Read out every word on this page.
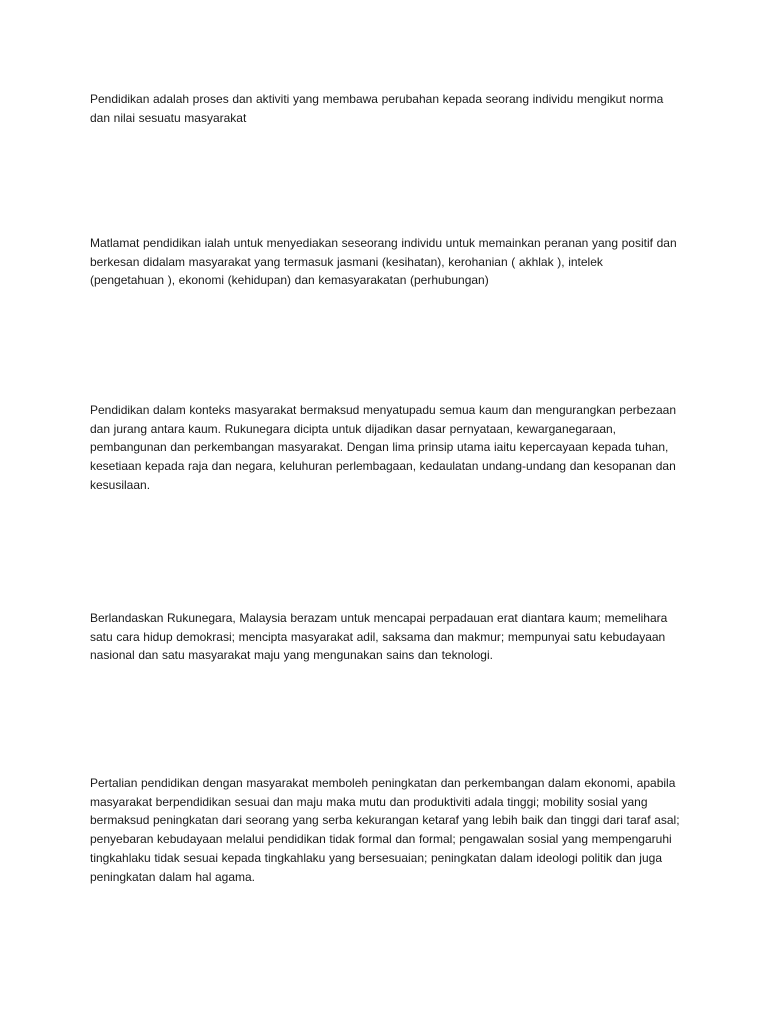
Pendidikan adalah proses dan aktiviti yang membawa perubahan kepada seorang individu mengikut norma dan nilai sesuatu masyarakat

Matlamat pendidikan ialah untuk menyediakan seseorang individu untuk memainkan peranan yang positif dan berkesan didalam masyarakat yang termasuk jasmani (kesihatan), kerohanian ( akhlak ), intelek (pengetahuan ), ekonomi (kehidupan) dan kemasyarakatan (perhubungan)

Pendidikan dalam konteks masyarakat bermaksud menyatupadu semua kaum dan mengurangkan perbezaan dan jurang antara kaum. Rukunegara dicipta untuk dijadikan dasar pernyataan, kewarganegaraan, pembangunan dan perkembangan masyarakat. Dengan lima prinsip utama iaitu kepercayaan kepada tuhan, kesetiaan kepada raja dan negara, keluhuran perlembagaan, kedaulatan undang-undang dan kesopanan dan kesusilaan.

Berlandaskan Rukunegara, Malaysia berazam untuk mencapai perpadauan erat diantara kaum; memelihara satu cara hidup demokrasi; mencipta masyarakat adil, saksama dan makmur; mempunyai satu kebudayaan nasional dan satu masyarakat maju yang mengunakan sains dan teknologi.

Pertalian pendidikan dengan masyarakat memboleh peningkatan dan perkembangan dalam ekonomi, apabila masyarakat berpendidikan sesuai dan maju maka mutu dan produktiviti adala tinggi; mobility sosial yang bermaksud peningkatan dari seorang yang serba kekurangan ketaraf yang lebih baik dan tinggi dari taraf asal; penyebaran kebudayaan melalui pendidikan tidak formal dan formal; pengawalan sosial yang mempengaruhi tingkahlaku tidak sesuai kepada tingkahlaku yang bersesuaian; peningkatan dalam ideologi politik dan juga peningkatan dalam hal agama.
